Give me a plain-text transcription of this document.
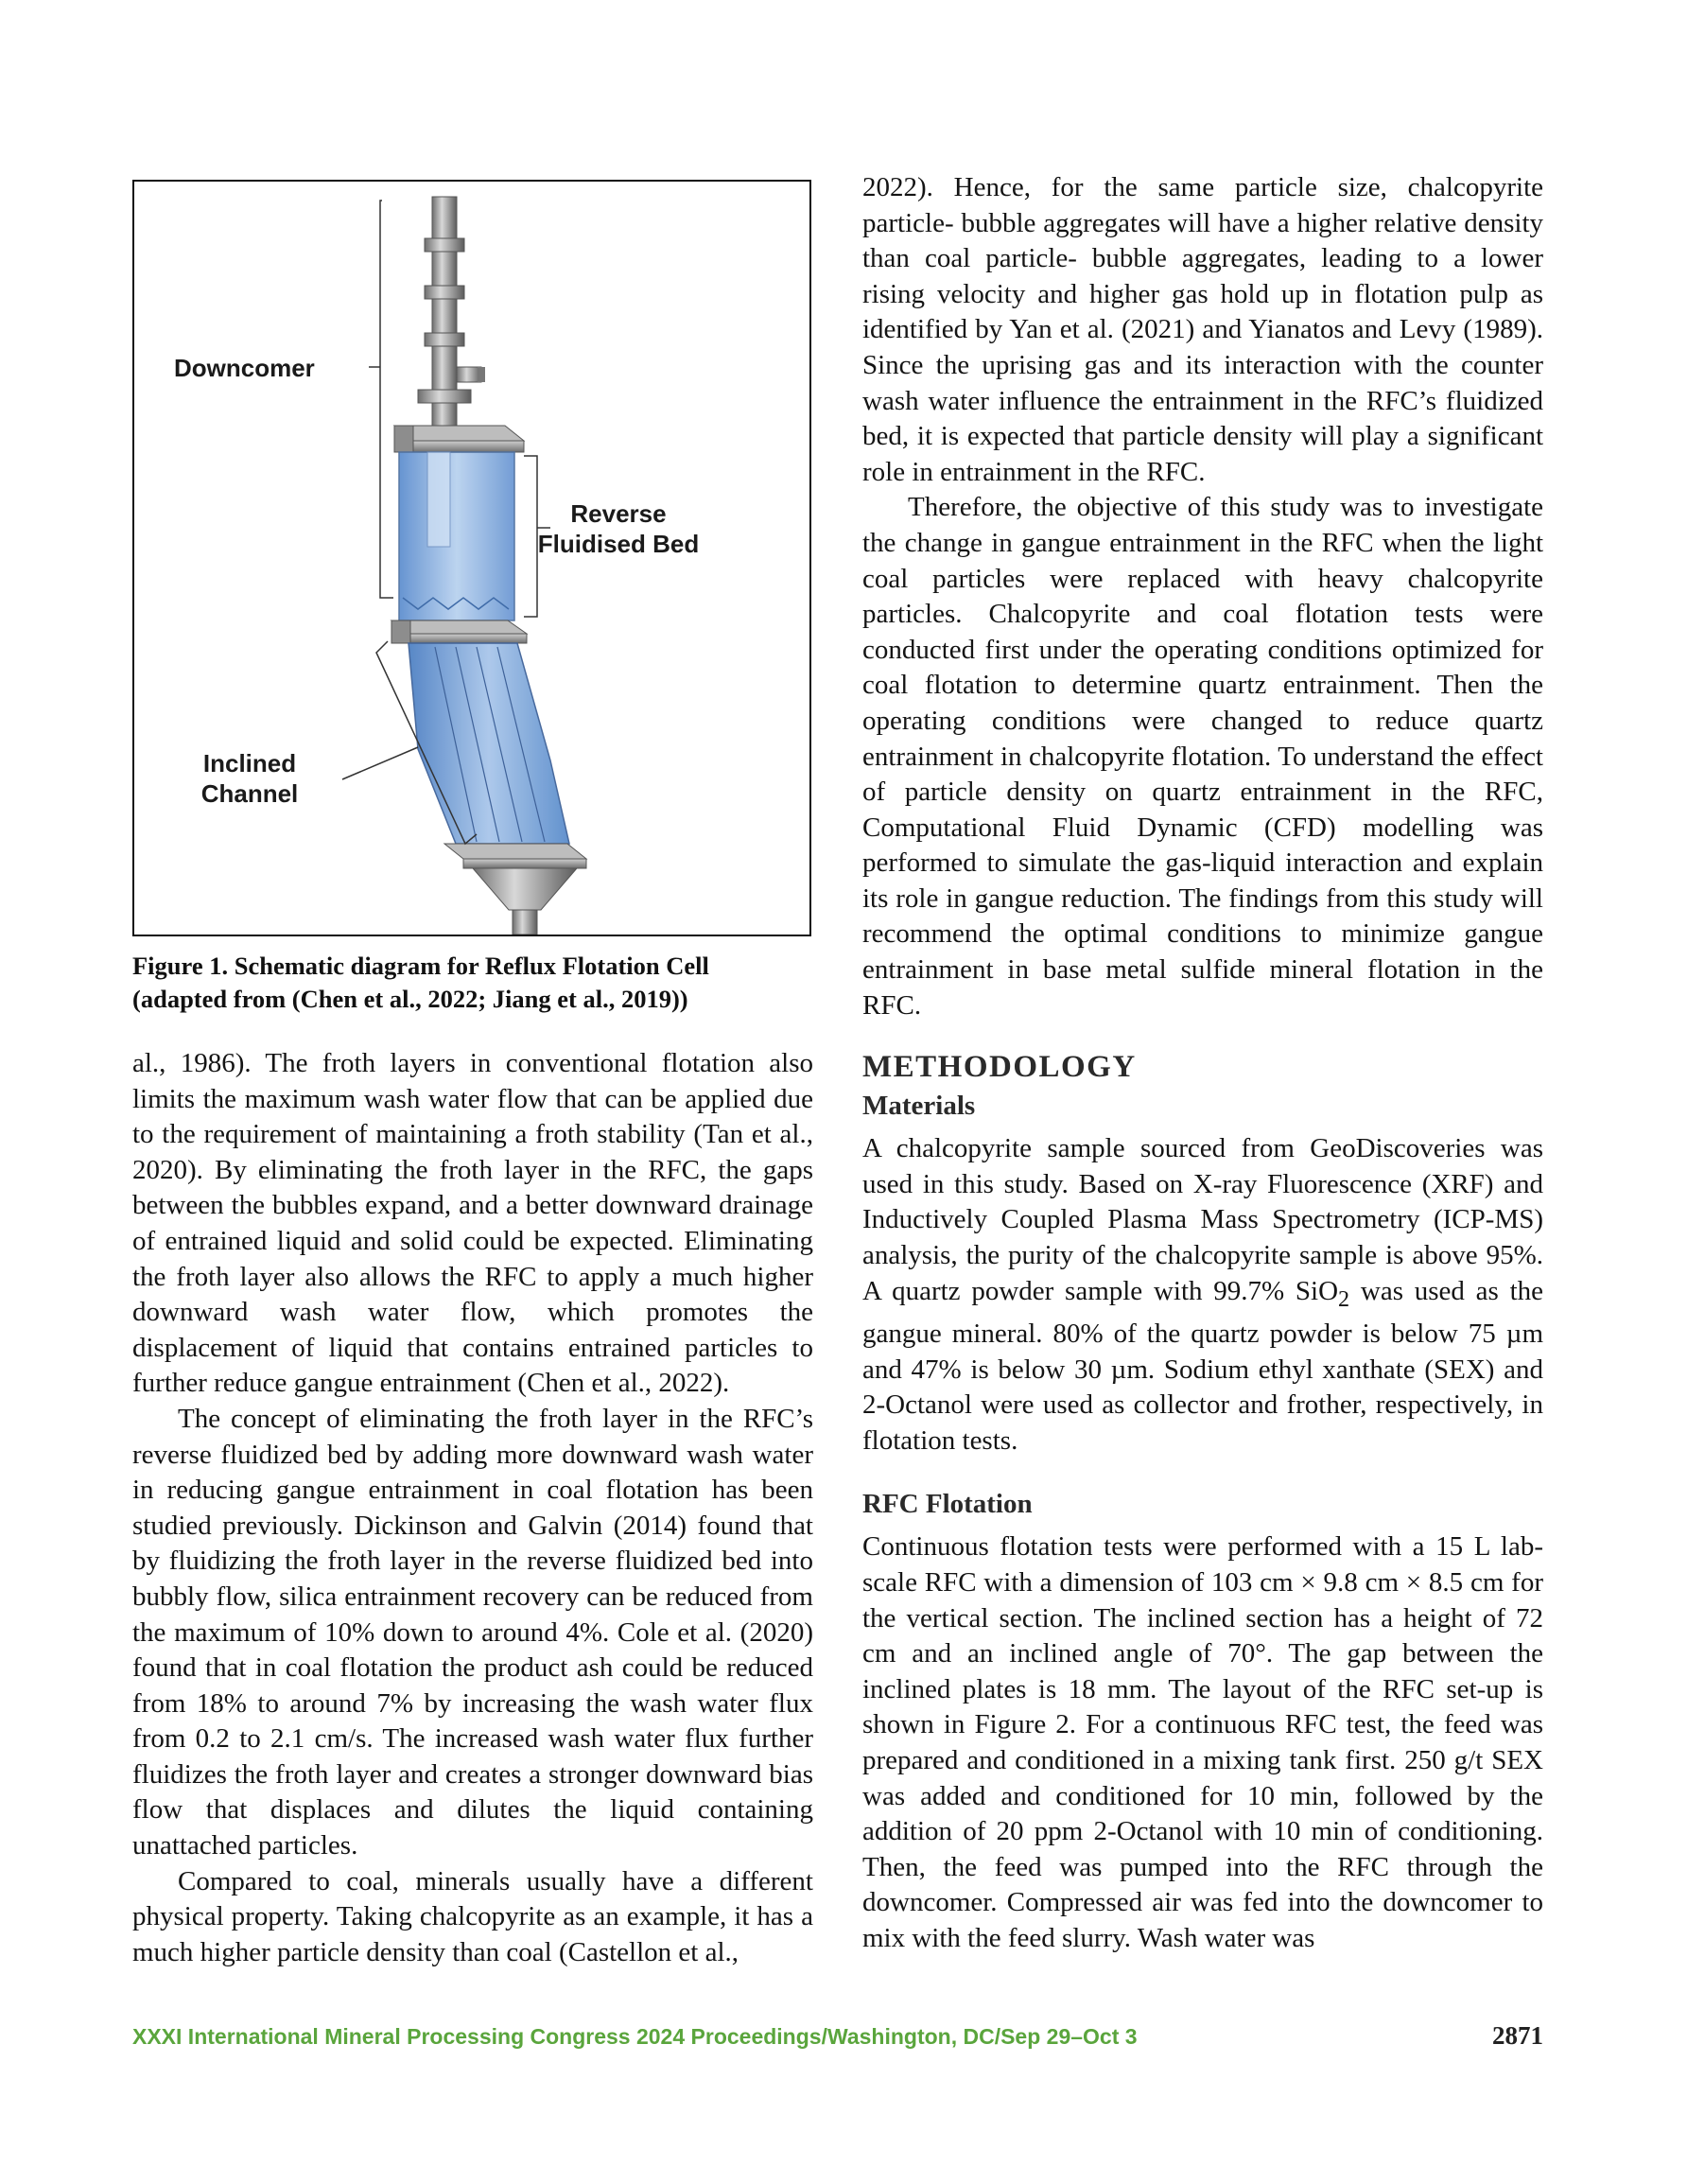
Downcomer
Reverse
Fluidised Bed
Inclined
Channel
Figure 1. Schematic diagram for Reflux Flotation Cell
(adapted from (Chen et al., 2022; Jiang et al., 2019))

al., 1986). The froth layers in conventional flotation also limits the maximum wash water flow that can be applied due to the requirement of maintaining a froth stability (Tan et al., 2020). By eliminating the froth layer in the RFC, the gaps between the bubbles expand, and a better downward drainage of entrained liquid and solid could be expected. Eliminating the froth layer also allows the RFC to apply a much higher downward wash water flow, which promotes the displacement of liquid that contains entrained particles to further reduce gangue entrainment (Chen et al., 2022).

The concept of eliminating the froth layer in the RFC’s reverse fluidized bed by adding more downward wash water in reducing gangue entrainment in coal flotation has been studied previously. Dickinson and Galvin (2014) found that by fluidizing the froth layer in the reverse fluidized bed into bubbly flow, silica entrainment recovery can be reduced from the maximum of 10% down to around 4%. Cole et al. (2020) found that in coal flotation the product ash could be reduced from 18% to around 7% by increasing the wash water flux from 0.2 to 2.1 cm/s. The increased wash water flux further fluidizes the froth layer and creates a stronger downward bias flow that displaces and dilutes the liquid containing unattached particles.

Compared to coal, minerals usually have a different physical property. Taking chalcopyrite as an example, it has a much higher particle density than coal (Castellon et al.,

2022). Hence, for the same particle size, chalcopyrite particle- bubble aggregates will have a higher relative density than coal particle- bubble aggregates, leading to a lower rising velocity and higher gas hold up in flotation pulp as identified by Yan et al. (2021) and Yianatos and Levy (1989). Since the uprising gas and its interaction with the counter wash water influence the entrainment in the RFC’s fluidized bed, it is expected that particle density will play a significant role in entrainment in the RFC.

Therefore, the objective of this study was to investigate the change in gangue entrainment in the RFC when the light coal particles were replaced with heavy chalcopyrite particles. Chalcopyrite and coal flotation tests were conducted first under the operating conditions optimized for coal flotation to determine quartz entrainment. Then the operating conditions were changed to reduce quartz entrainment in chalcopyrite flotation. To understand the effect of particle density on quartz entrainment in the RFC, Computational Fluid Dynamic (CFD) modelling was performed to simulate the gas-liquid interaction and explain its role in gangue reduction. The findings from this study will recommend the optimal conditions to minimize gangue entrainment in base metal sulfide mineral flotation in the RFC.

METHODOLOGY
Materials

A chalcopyrite sample sourced from GeoDiscoveries was used in this study. Based on X-ray Fluorescence (XRF) and Inductively Coupled Plasma Mass Spectrometry (ICP-MS) analysis, the purity of the chalcopyrite sample is above 95%. A quartz powder sample with 99.7% SiO$_2$ was used as the gangue mineral. 80% of the quartz powder is below 75 µm and 47% is below 30 µm. Sodium ethyl xanthate (SEX) and 2-Octanol were used as collector and frother, respectively, in flotation tests.

RFC Flotation

Continuous flotation tests were performed with a 15 L lab-scale RFC with a dimension of 103 cm × 9.8 cm × 8.5 cm for the vertical section. The inclined section has a height of 72 cm and an inclined angle of 70°. The gap between the inclined plates is 18 mm. The layout of the RFC set-up is shown in Figure 2. For a continuous RFC test, the feed was prepared and conditioned in a mixing tank first. 250 g/t SEX was added and conditioned for 10 min, followed by the addition of 20 ppm 2-Octanol with 10 min of conditioning. Then, the feed was pumped into the RFC through the downcomer. Compressed air was fed into the downcomer to mix with the feed slurry. Wash water was

XXXI International Mineral Processing Congress 2024 Proceedings/Washington, DC/Sep 29–Oct 3	2871
